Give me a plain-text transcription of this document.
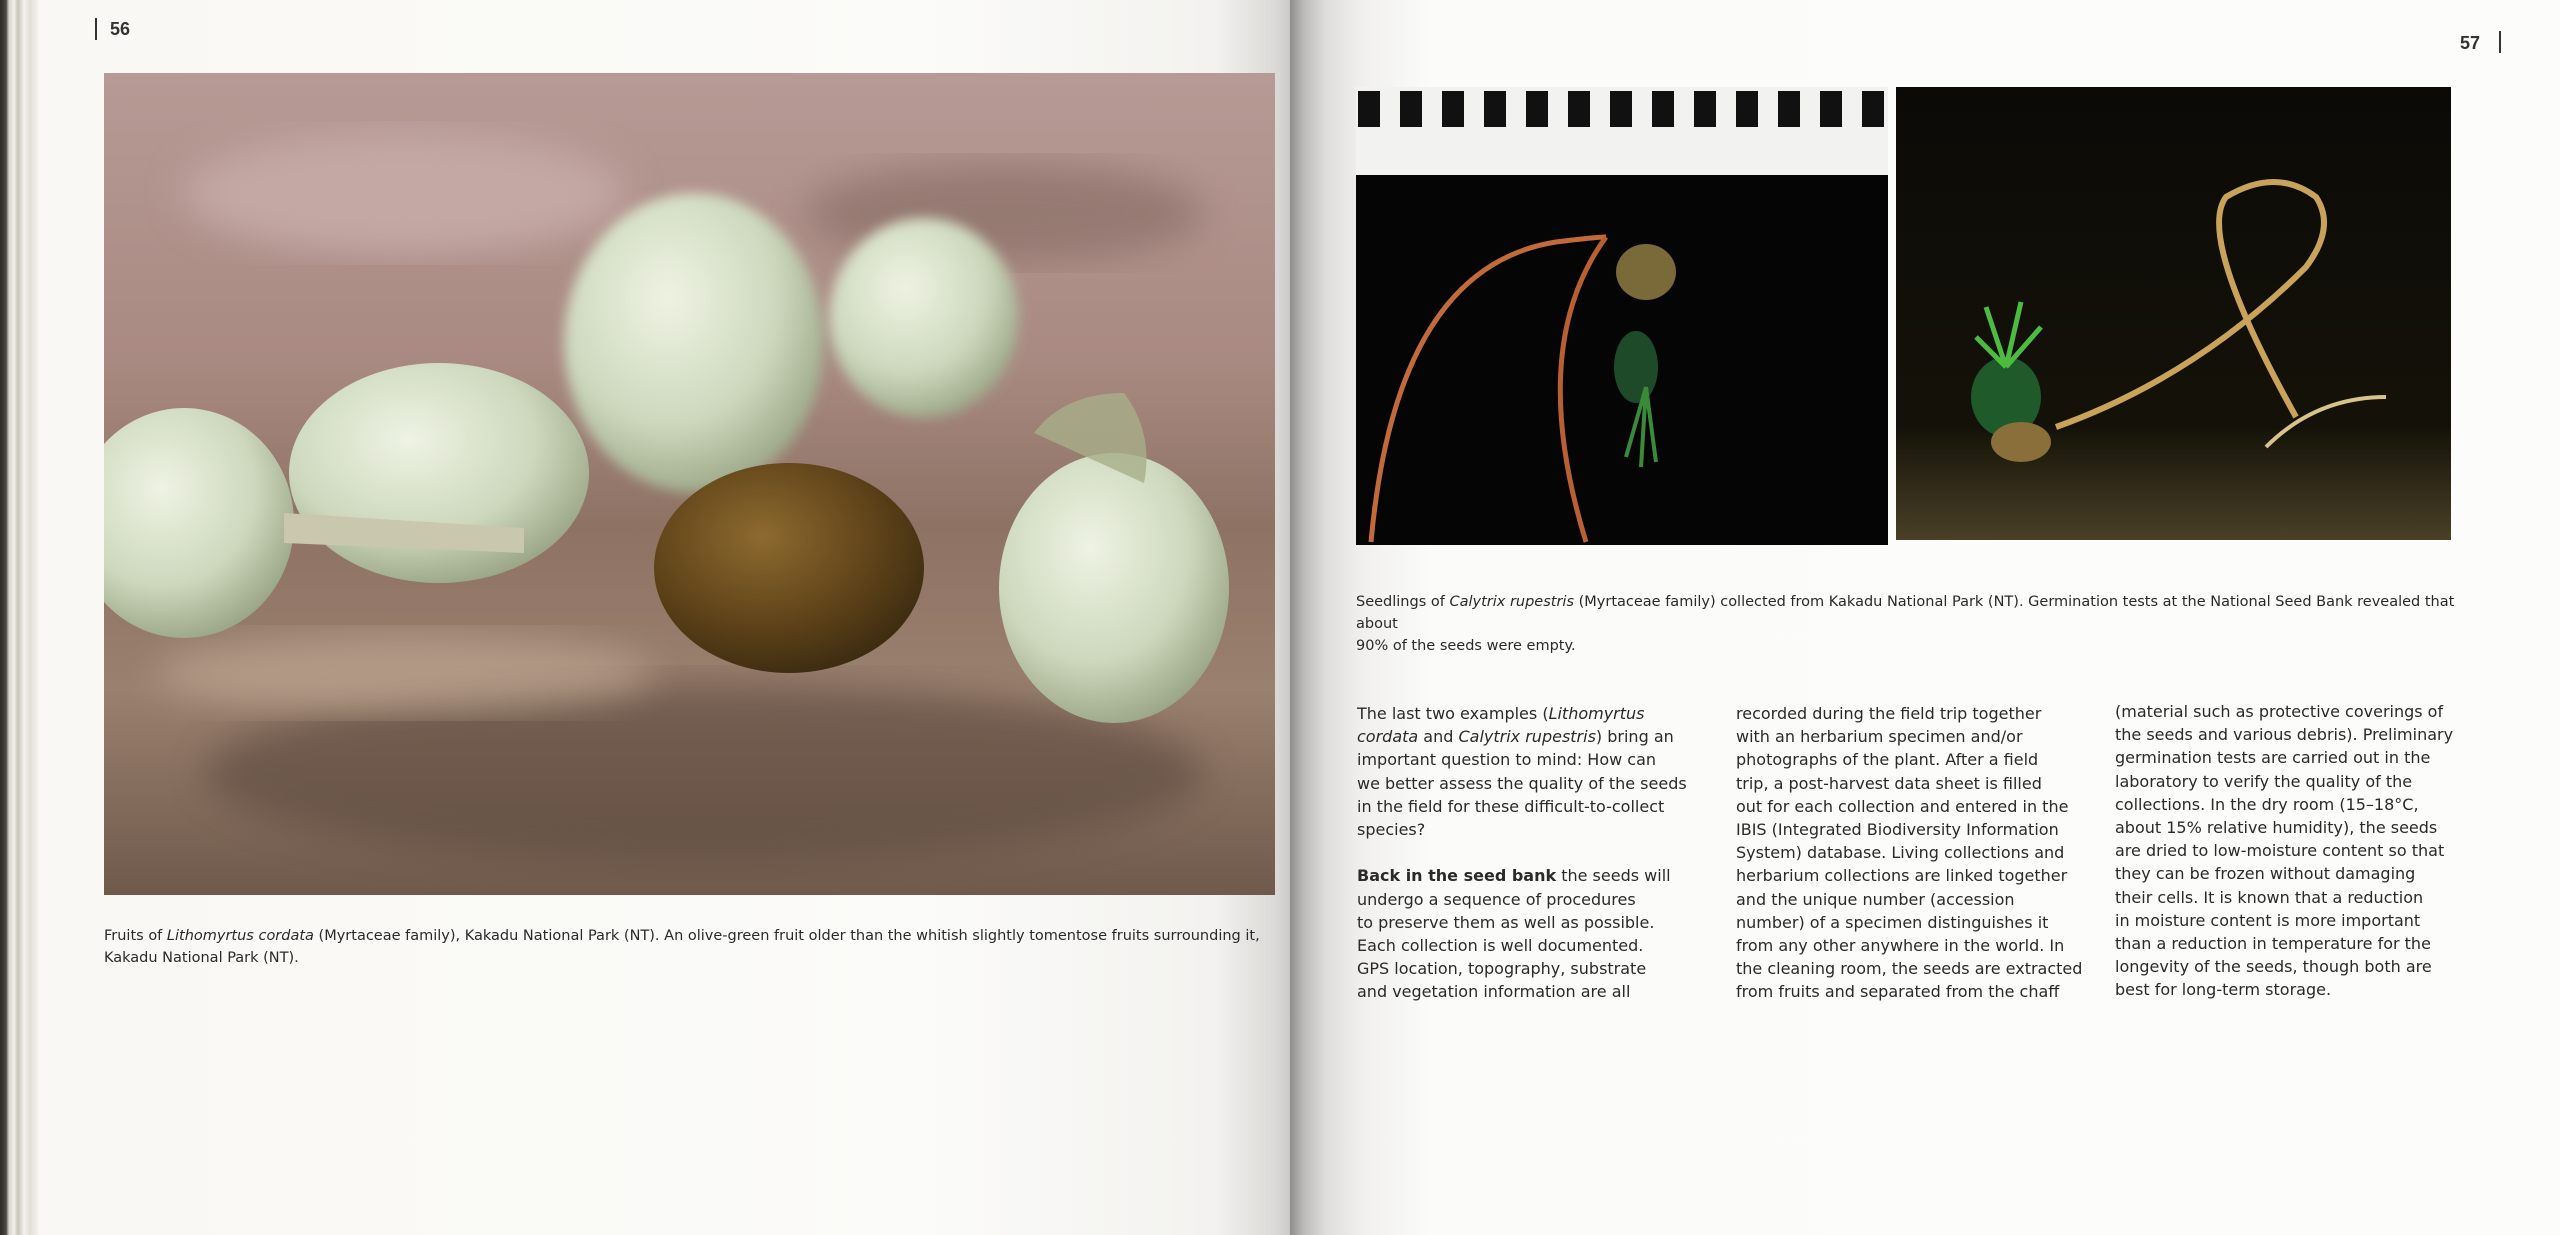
56
Fruits of Lithomyrtus cordata (Myrtaceae family), Kakadu National Park (NT). An olive-green fruit older than the whitish slightly tomentose fruits surrounding it,
Kakadu National Park (NT).
57
Seedlings of Calytrix rupestris (Myrtaceae family) collected from Kakadu National Park (NT). Germination tests at the National Seed Bank revealed that about
90% of the seeds were empty.
The last two examples (Lithomyrtus
cordata and Calytrix rupestris) bring an
important question to mind: How can
we better assess the quality of the seeds
in the field for these difficult-to-collect
species?

Back in the seed bank the seeds will
undergo a sequence of procedures
to preserve them as well as possible.
Each collection is well documented.
GPS location, topography, substrate
and vegetation information are all
recorded during the field trip together
with an herbarium specimen and/or
photographs of the plant. After a field
trip, a post-harvest data sheet is filled
out for each collection and entered in the
IBIS (Integrated Biodiversity Information
System) database. Living collections and
herbarium collections are linked together
and the unique number (accession
number) of a specimen distinguishes it
from any other anywhere in the world. In
the cleaning room, the seeds are extracted
from fruits and separated from the chaff
(material such as protective coverings of
the seeds and various debris). Preliminary
germination tests are carried out in the
laboratory to verify the quality of the
collections. In the dry room (15–18°C,
about 15% relative humidity), the seeds
are dried to low-moisture content so that
they can be frozen without damaging
their cells. It is known that a reduction
in moisture content is more important
than a reduction in temperature for the
longevity of the seeds, though both are
best for long-term storage.
